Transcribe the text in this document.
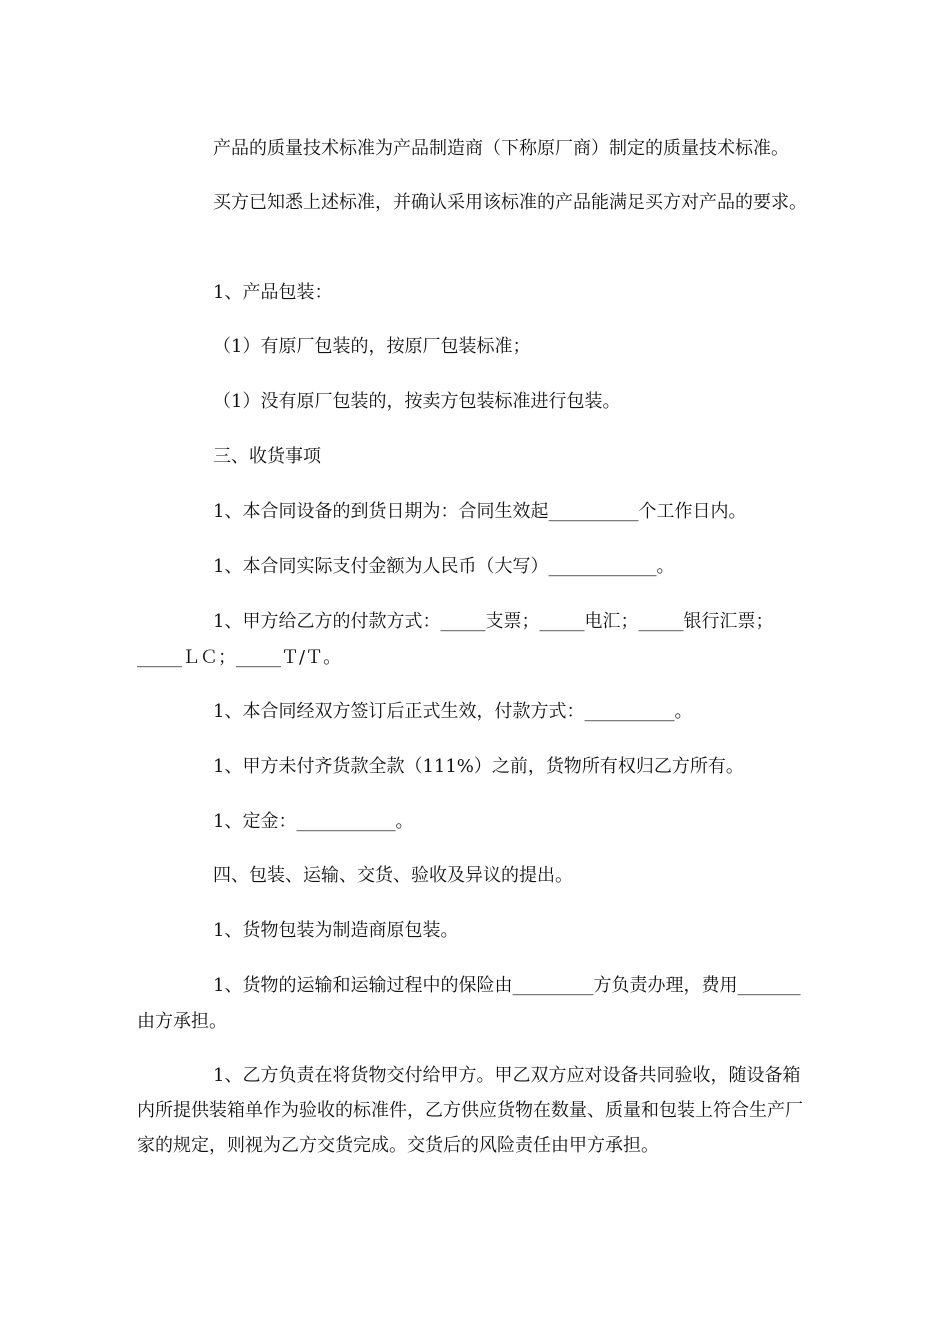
产品的质量技术标准为产品制造商（下称原厂商）制定的质量技术标准。

买方已知悉上述标准，并确认采用该标准的产品能满足买方对产品的要求。

1、产品包装：

（1）有原厂包装的，按原厂包装标准；

（1）没有原厂包装的，按卖方包装标准进行包装。

三、收货事项

1、本合同设备的到货日期为：合同生效起__________个工作日内。

1、本合同实际支付金额为人民币（大写）____________。

1、甲方给乙方的付款方式：_____支票；_____电汇；_____银行汇票；_____ＬＣ；_____Ｔ/Ｔ。

1、本合同经双方签订后正式生效，付款方式：__________。

1、甲方未付齐货款全款（111%）之前，货物所有权归乙方所有。

1、定金：___________。

四、包装、运输、交货、验收及异议的提出。

1、货物包装为制造商原包装。

1、货物的运输和运输过程中的保险由_________方负责办理，费用_______由方承担。

1、乙方负责在将货物交付给甲方。甲乙双方应对设备共同验收，随设备箱内所提供装箱单作为验收的标准件，乙方供应货物在数量、质量和包装上符合生产厂家的规定，则视为乙方交货完成。交货后的风险责任由甲方承担。
